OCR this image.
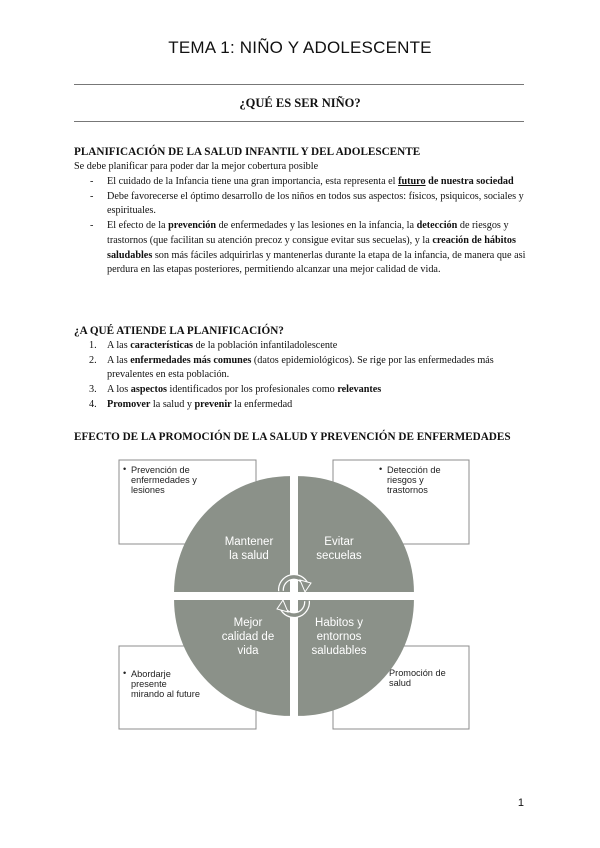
TEMA 1: NIÑO Y ADOLESCENTE
¿QUÉ ES SER NIÑO?
PLANIFICACIÓN DE LA SALUD INFANTIL Y DEL ADOLESCENTE
Se debe planificar para poder dar la mejor cobertura posible
- El cuidado de la Infancia tiene una gran importancia, esta representa el futuro de nuestra sociedad
- Debe favorecerse el óptimo desarrollo de los niños en todos sus aspectos: físicos, psiquicos, sociales y espirituales.
- El efecto de la prevención de enfermedades y las lesiones en la infancia, la detección de riesgos y trastornos (que facilitan su atención precoz y consigue evitar sus secuelas), y la creación de hábitos saludables son más fáciles adquirirlas y mantenerlas durante la etapa de la infancia, de manera que asi perdura en las etapas posteriores, permitiendo alcanzar una mejor calidad de vida.
¿A QUÉ ATIENDE LA PLANIFICACIÓN?
1. A las características de la población infantiladolescente
2. A las enfermedades más comunes (datos epidemiológicos). Se rige por las enfermedades más prevalentes en esta población.
3. A los aspectos identificados por los profesionales como relevantes
4. Promover la salud y prevenir la enfermedad
EFECTO DE LA PROMOCIÓN DE LA SALUD Y PREVENCIÓN DE ENFERMEDADES
• Prevención de
enfermedades y
lesiones
• Detección de
riesgos y
trastornos
• Abordarje
presente
mirando al future
Promoción de
salud
Mantener
la salud
Evitar
secuelas
Mejor
calidad de
vida
Habitos y
entornos
saludables
1
